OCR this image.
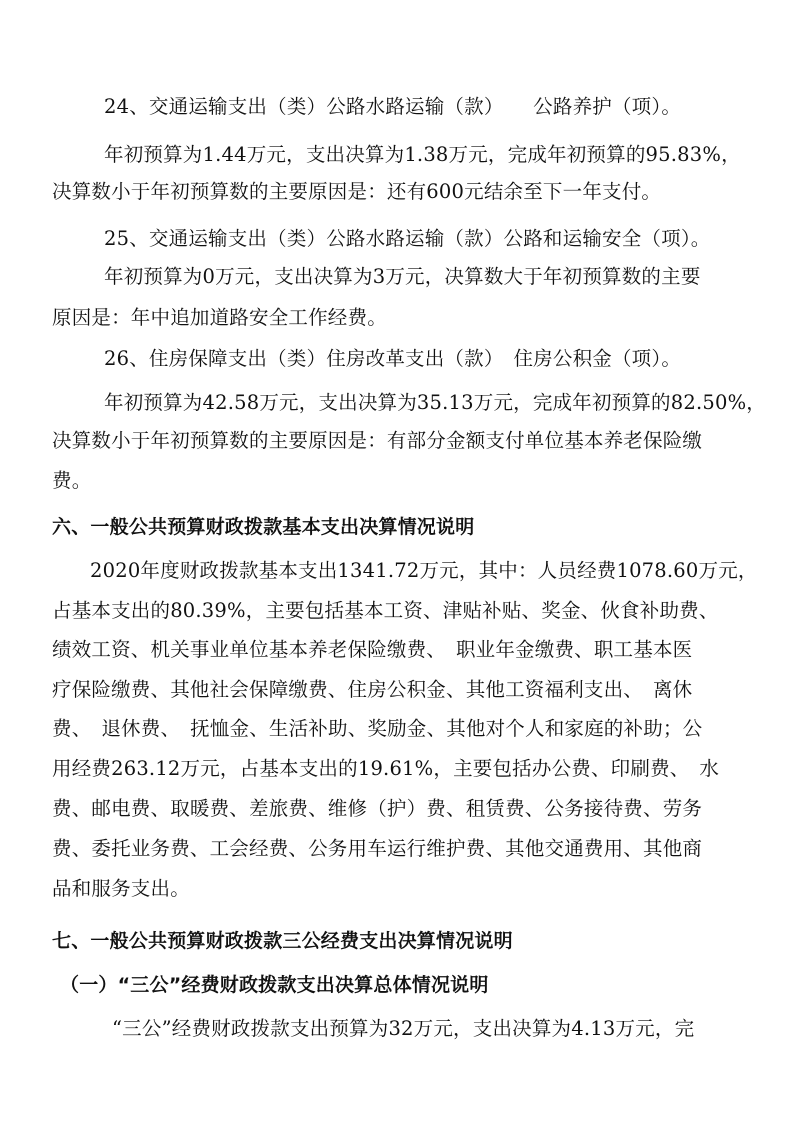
24、交通运输支出（类）公路水路运输（款）　　公路养护（项）。
年初预算为1.44万元，支出决算为1.38万元，完成年初预算的95.83%，
决算数小于年初预算数的主要原因是：还有600元结余至下一年支付。
25、交通运输支出（类）公路水路运输（款）公路和运输安全（项）。
年初预算为0万元，支出决算为3万元，决算数大于年初预算数的主要
原因是：年中追加道路安全工作经费。
26、住房保障支出（类）住房改革支出（款）　住房公积金（项）。
年初预算为42.58万元，支出决算为35.13万元，完成年初预算的82.50%，
决算数小于年初预算数的主要原因是：有部分金额支付单位基本养老保险缴
费。
六、一般公共预算财政拨款基本支出决算情况说明
2020年度财政拨款基本支出1341.72万元，其中：人员经费1078.60万元，
占基本支出的80.39%，主要包括基本工资、津贴补贴、奖金、伙食补助费、
绩效工资、机关事业单位基本养老保险缴费、　职业年金缴费、职工基本医
疗保险缴费、其他社会保障缴费、住房公积金、其他工资福利支出、　离休
费、　退休费、　抚恤金、生活补助、奖励金、其他对个人和家庭的补助；公
用经费263.12万元，占基本支出的19.61%，主要包括办公费、印刷费、　水
费、邮电费、取暖费、差旅费、维修（护）费、租赁费、公务接待费、劳务
费、委托业务费、工会经费、公务用车运行维护费、其他交通费用、其他商
品和服务支出。
七、一般公共预算财政拨款三公经费支出决算情况说明
（一）“三公”经费财政拨款支出决算总体情况说明
“三公”经费财政拨款支出预算为32万元，支出决算为4.13万元，完
